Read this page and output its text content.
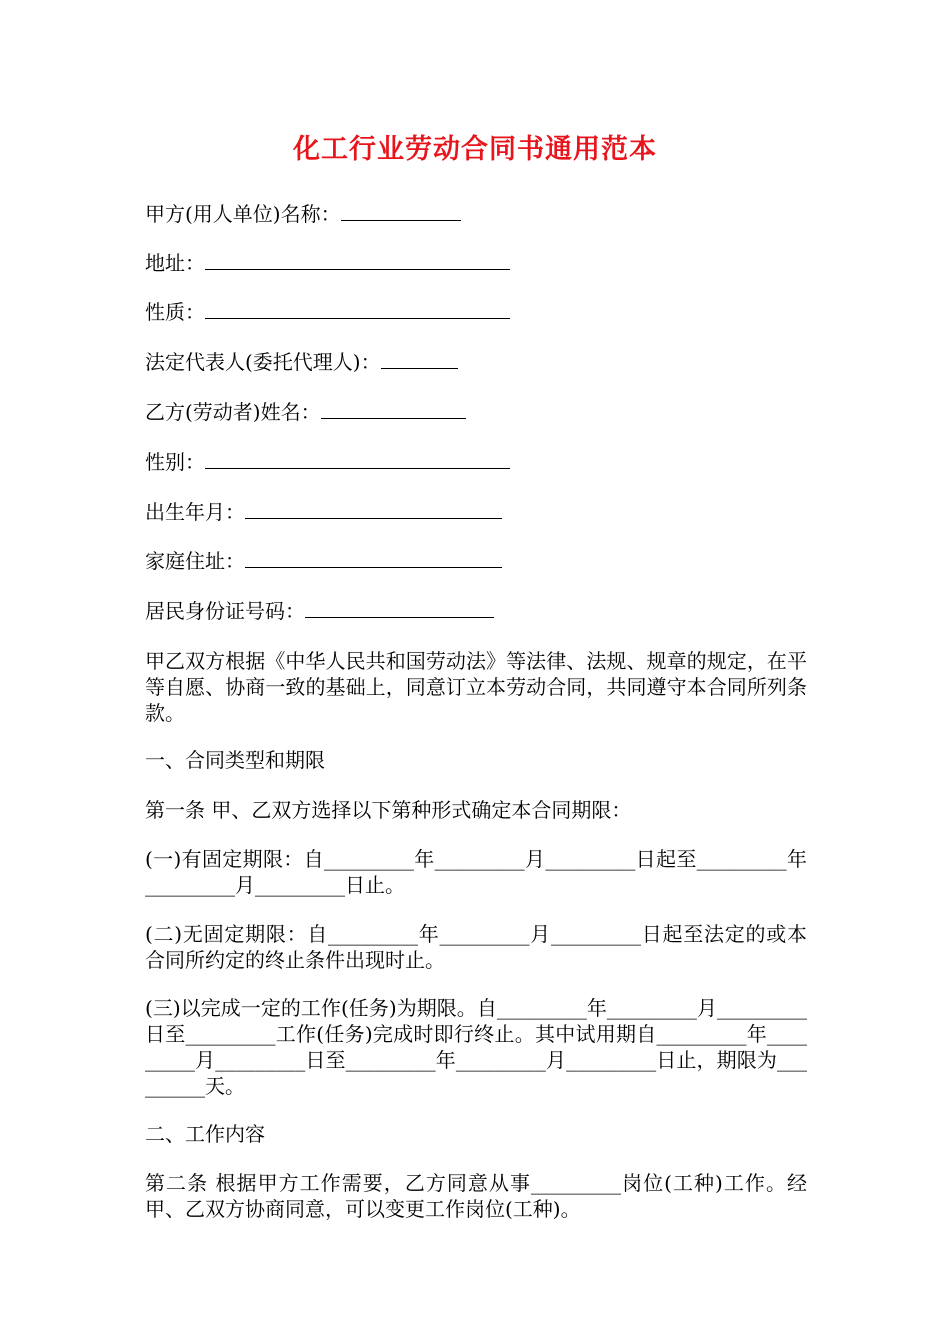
化工行业劳动合同书通用范本
甲方(用人单位)名称：
地址：
性质：
法定代表人(委托代理人)：
乙方(劳动者)姓名：
性别：
出生年月：
家庭住址：
居民身份证号码：
甲乙双方根据《中华人民共和国劳动法》等法律、法规、规章的规定，在平等自愿、协商一致的基础上，同意订立本劳动合同，共同遵守本合同所列条款。
一、合同类型和期限
第一条 甲、乙双方选择以下第种形式确定本合同期限：
(一)有固定期限：自_________年_________月_________日起至_________年_________月_________日止。
(二)无固定期限：自_________年_________月_________日起至法定的或本合同所约定的终止条件出现时止。
(三)以完成一定的工作(任务)为期限。自_________年_________月_________日至_________工作(任务)完成时即行终止。其中试用期自_________年_________月_________日至_________年_________月_________日止，期限为_________天。
二、工作内容
第二条 根据甲方工作需要，乙方同意从事_________岗位(工种)工作。经甲、乙双方协商同意，可以变更工作岗位(工种)。
